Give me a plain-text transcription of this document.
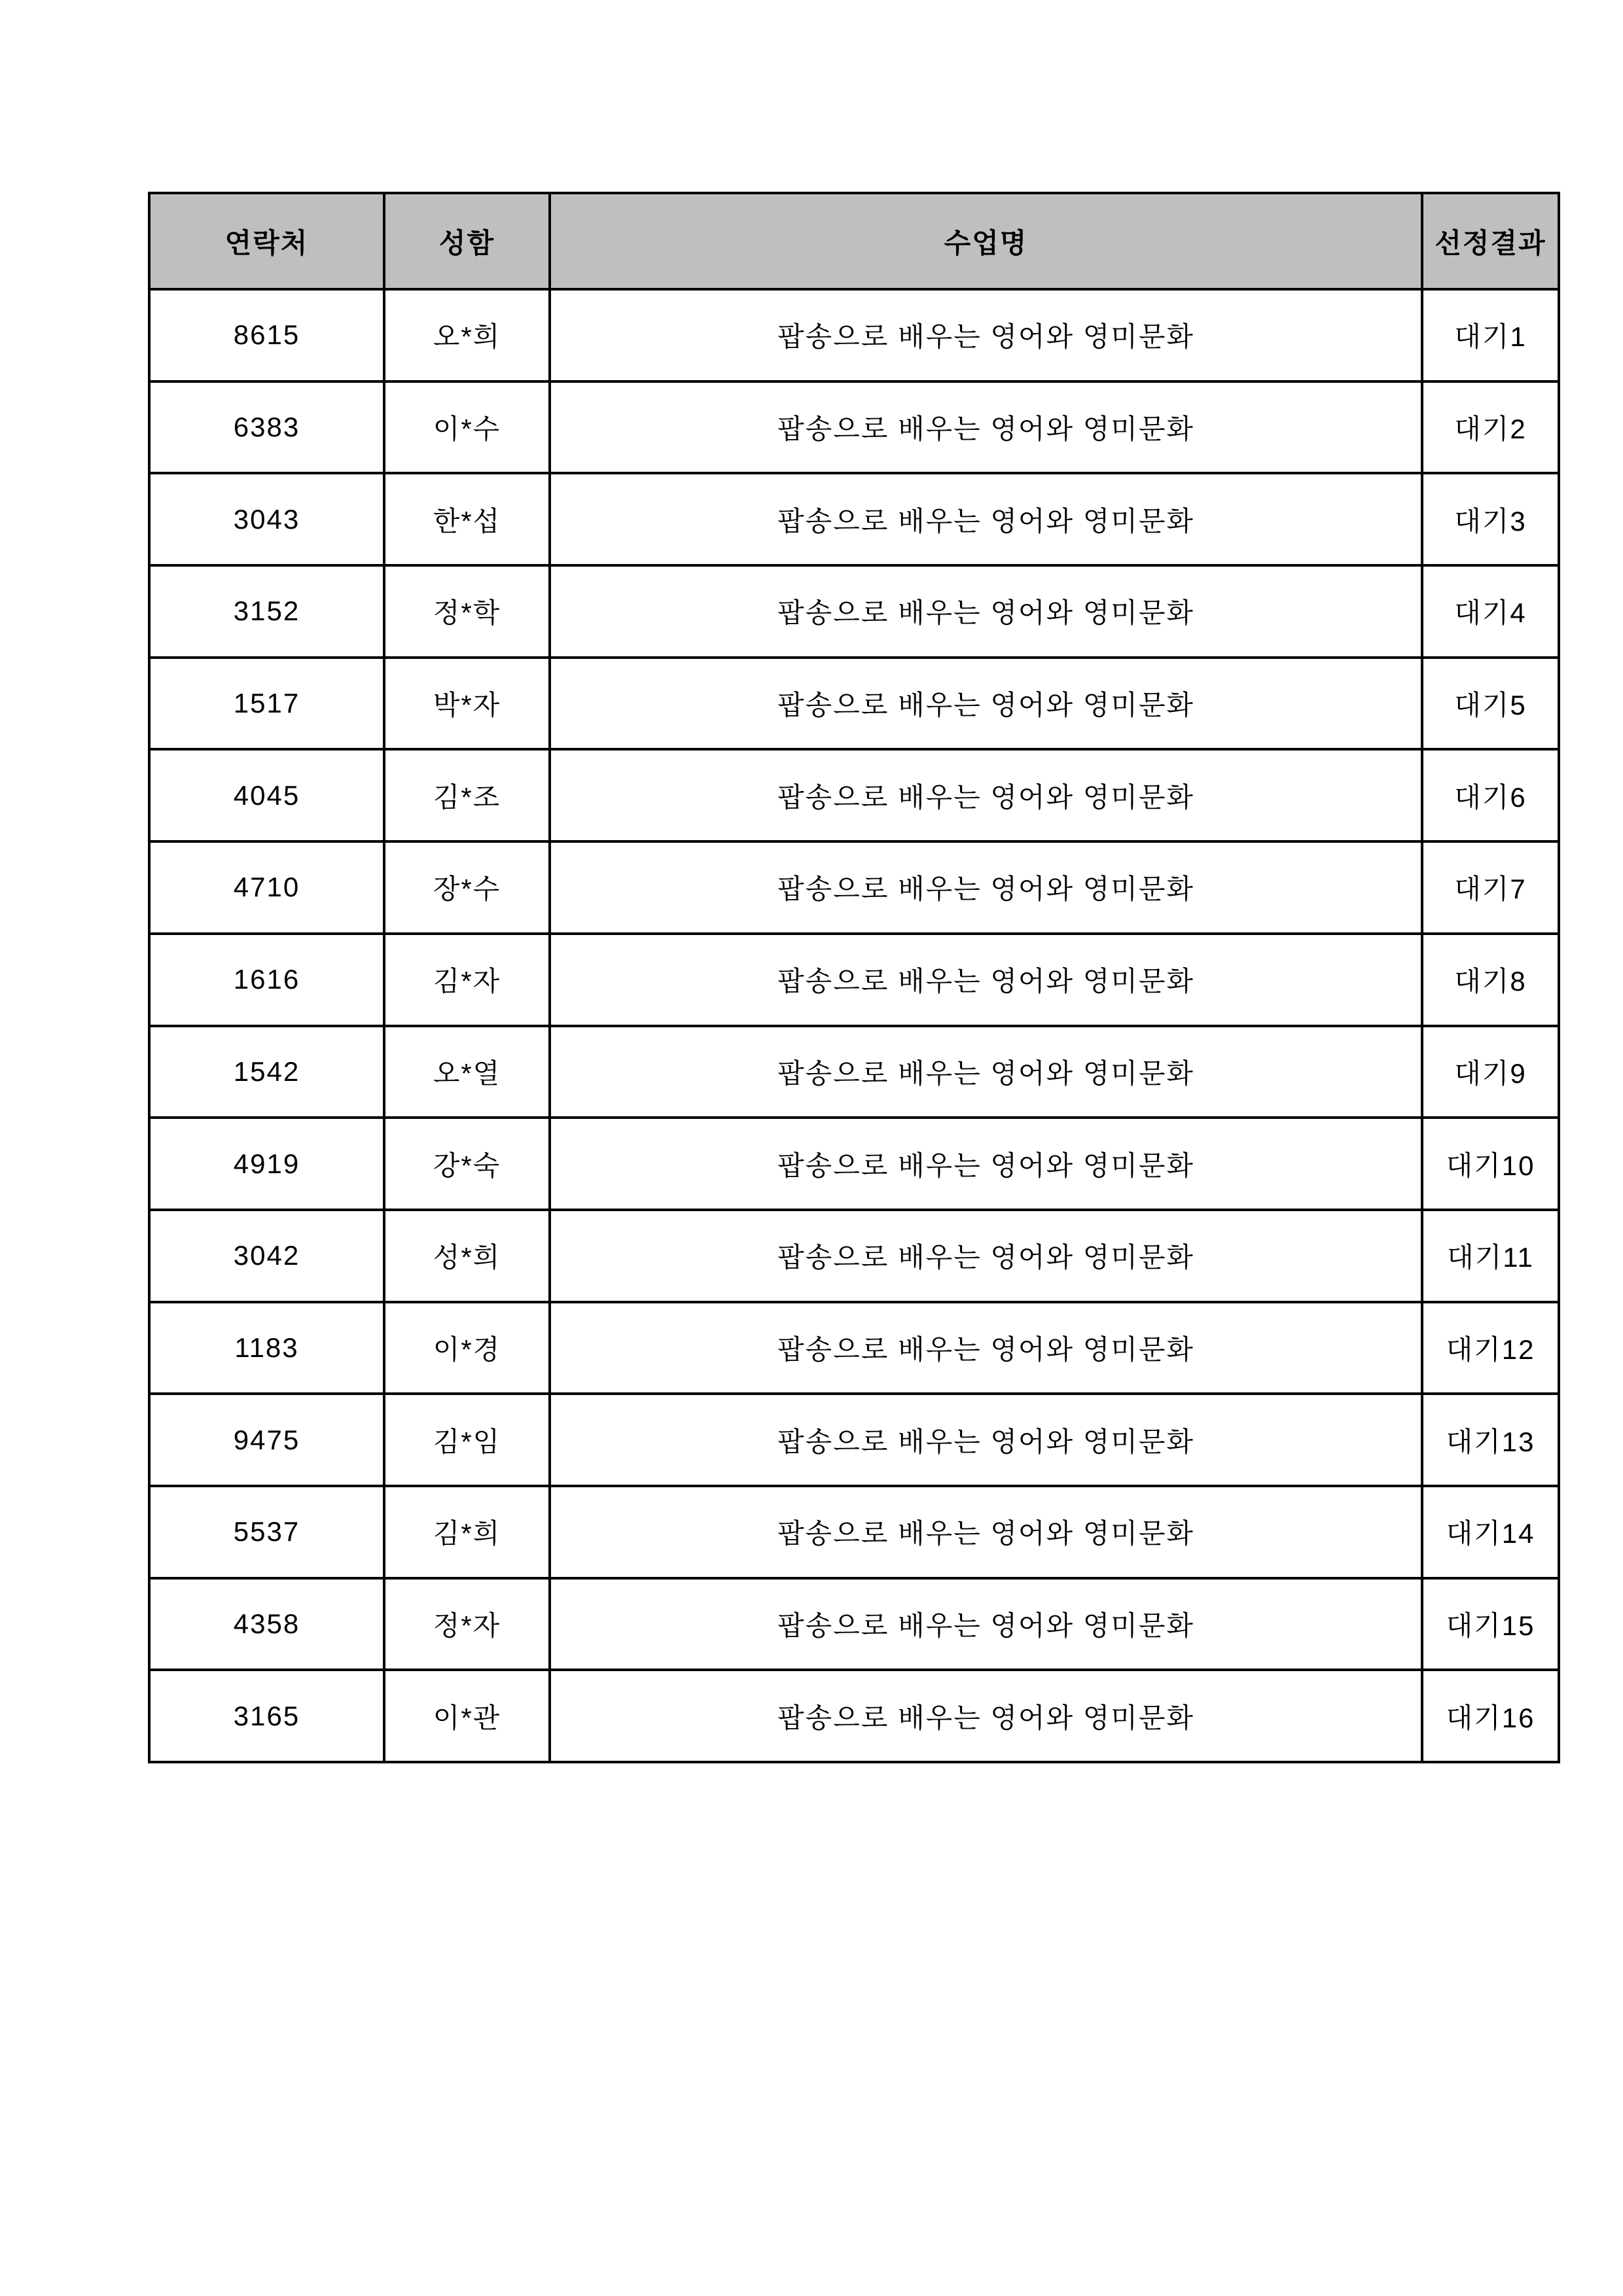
연락처	성함	수업명	선정결과
8615	오*희	팝송으로 배우는 영어와 영미문화	대기1
6383	이*수	팝송으로 배우는 영어와 영미문화	대기2
3043	한*섭	팝송으로 배우는 영어와 영미문화	대기3
3152	정*학	팝송으로 배우는 영어와 영미문화	대기4
1517	박*자	팝송으로 배우는 영어와 영미문화	대기5
4045	김*조	팝송으로 배우는 영어와 영미문화	대기6
4710	장*수	팝송으로 배우는 영어와 영미문화	대기7
1616	김*자	팝송으로 배우는 영어와 영미문화	대기8
1542	오*열	팝송으로 배우는 영어와 영미문화	대기9
4919	강*숙	팝송으로 배우는 영어와 영미문화	대기10
3042	성*희	팝송으로 배우는 영어와 영미문화	대기11
1183	이*경	팝송으로 배우는 영어와 영미문화	대기12
9475	김*임	팝송으로 배우는 영어와 영미문화	대기13
5537	김*희	팝송으로 배우는 영어와 영미문화	대기14
4358	정*자	팝송으로 배우는 영어와 영미문화	대기15
3165	이*관	팝송으로 배우는 영어와 영미문화	대기16
